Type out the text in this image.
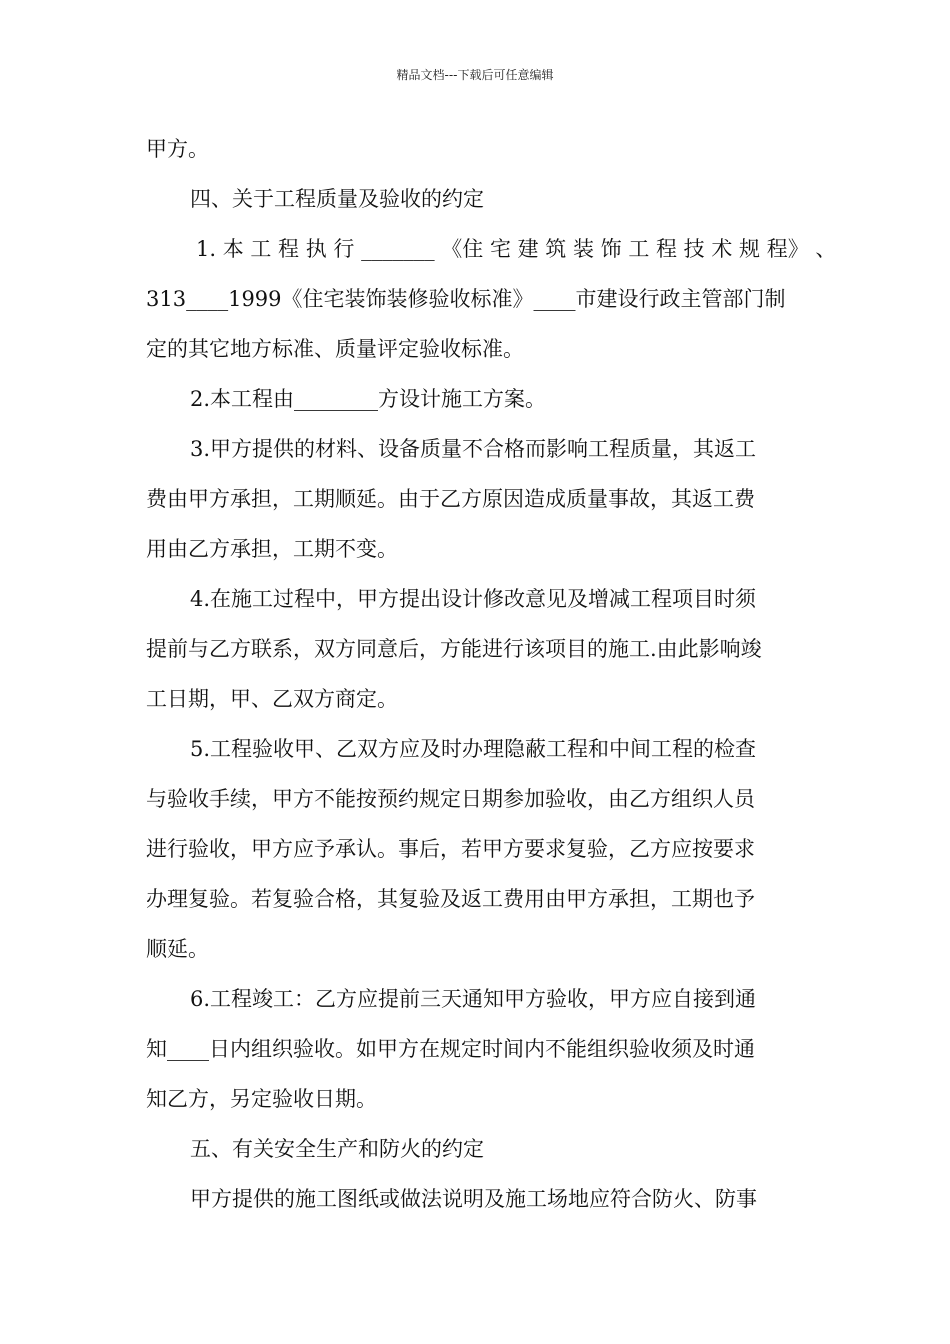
精品文档---下载后可任意编辑
甲方。
四、关于工程质量及验收的约定
1. 本 工 程 执 行 _______ 《住 宅 建 筑 装 饰 工 程 技 术 规 程》 、
313____1999《住宅装饰装修验收标准》____市建设行政主管部门制
定的其它地方标准、质量评定验收标准。
2.本工程由________方设计施工方案。
3.甲方提供的材料、设备质量不合格而影响工程质量，其返工
费由甲方承担，工期顺延。由于乙方原因造成质量事故，其返工费
用由乙方承担，工期不变。
4.在施工过程中，甲方提出设计修改意见及增减工程项目时须
提前与乙方联系，双方同意后，方能进行该项目的施工.由此影响竣
工日期，甲、乙双方商定。
5.工程验收甲、乙双方应及时办理隐蔽工程和中间工程的检查
与验收手续，甲方不能按预约规定日期参加验收，由乙方组织人员
进行验收，甲方应予承认。事后，若甲方要求复验，乙方应按要求
办理复验。若复验合格，其复验及返工费用由甲方承担，工期也予
顺延。
6.工程竣工：乙方应提前三天通知甲方验收，甲方应自接到通
知____日内组织验收。如甲方在规定时间内不能组织验收须及时通
知乙方，另定验收日期。
五、有关安全生产和防火的约定
甲方提供的施工图纸或做法说明及施工场地应符合防火、防事
